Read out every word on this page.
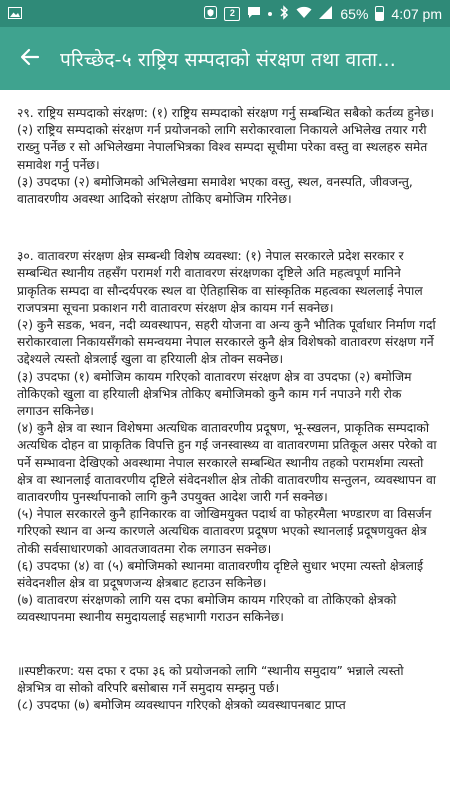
2	65% 4:07 pm
परिच्छेद-५ राष्ट्रिय सम्पदाको संरक्षण तथा वाता...

२९. राष्ट्रिय सम्पदाको संरक्षण: (१) राष्ट्रिय सम्पदाको संरक्षण गर्नु सम्बन्धित सबैको कर्तव्य हुनेछ।

(२) राष्ट्रिय सम्पदाको संरक्षण गर्न प्रयोजनको लागि सरोकारवाला निकायले अभिलेख तयार गरी राख्नु पर्नेछ र सो अभिलेखमा नेपालभित्रका विश्व सम्पदा सूचीमा परेका वस्तु वा स्थलहरु समेत समावेश गर्नु पर्नेछ।

(३) उपदफा (२) बमोजिमको अभिलेखमा समावेश भएका वस्तु, स्थल, वनस्पति, जीवजन्तु, वातावरणीय अवस्था आदिको संरक्षण तोकिए बमोजिम गरिनेछ।

३०. वातावरण संरक्षण क्षेत्र सम्बन्धी विशेष व्यवस्था: (१) नेपाल सरकारले प्रदेश सरकार र सम्बन्धित स्थानीय तहसँग परामर्श गरी वातावरण संरक्षणका दृष्टिले अति महत्वपूर्ण मानिने प्राकृतिक सम्पदा वा सौन्दर्यपरक स्थल वा ऐतिहासिक वा सांस्कृतिक महत्वका स्थललाई नेपाल राजपत्रमा सूचना प्रकाशन गरी वातावरण संरक्षण क्षेत्र कायम गर्न सक्नेछ।

(२) कुनै सडक, भवन, नदी व्यवस्थापन, सहरी योजना वा अन्य कुनै भौतिक पूर्वाधार निर्माण गर्दा सरोकारवाला निकायसँगको समन्वयमा नेपाल सरकारले कुनै क्षेत्र विशेषको वातावरण संरक्षण गर्ने उद्देश्यले त्यस्तो क्षेत्रलाई खुला वा हरियाली क्षेत्र तोक्न सक्नेछ।

(३) उपदफा (१) बमोजिम कायम गरिएको वातावरण संरक्षण क्षेत्र वा उपदफा (२) बमोजिम तोकिएको खुला वा हरियाली क्षेत्रभित्र तोकिए बमोजिमको कुनै काम गर्न नपाउने गरी रोक लगाउन सकिनेछ।

(४) कुनै क्षेत्र वा स्थान विशेषमा अत्यधिक वातावरणीय प्रदूषण, भू-स्खलन, प्राकृतिक सम्पदाको अत्यधिक दोहन वा प्राकृतिक विपत्ति हुन गई जनस्वास्थ्य वा वातावरणमा प्रतिकूल असर परेको वा पर्ने सम्भावना देखिएको अवस्थामा नेपाल सरकारले सम्बन्धित स्थानीय तहको परामर्शमा त्यस्तो क्षेत्र वा स्थानलाई वातावरणीय दृष्टिले संवेदनशील क्षेत्र तोकी वातावरणीय सन्तुलन, व्यवस्थापन वा वातावरणीय पुनर्स्थापनाको लागि कुनै उपयुक्त आदेश जारी गर्न सक्नेछ।

(५) नेपाल सरकारले कुनै हानिकारक वा जोखिमयुक्त पदार्थ वा फोहरमैला भण्डारण वा विसर्जन गरिएको स्थान वा अन्य कारणले अत्यधिक वातावरण प्रदूषण भएको स्थानलाई प्रदूषणयुक्त क्षेत्र तोकी सर्वसाधारणको आवतजावतमा रोक लगाउन सक्नेछ।

(६) उपदफा (४) वा (५) बमोजिमको स्थानमा वातावरणीय दृष्टिले सुधार भएमा त्यस्तो क्षेत्रलाई संवेदनशील क्षेत्र वा प्रदूषणजन्य क्षेत्रबाट हटाउन सकिनेछ।

(७) वातावरण संरक्षणको लागि यस दफा बमोजिम कायम गरिएको वा तोकिएको क्षेत्रको व्यवस्थापनमा स्थानीय समुदायलाई सहभागी गराउन सकिनेछ।

॥स्पष्टीकरण: यस दफा र दफा ३६ को प्रयोजनको लागि “स्थानीय समुदाय” भन्नाले त्यस्तो क्षेत्रभित्र वा सोको वरिपरि बसोबास गर्ने समुदाय सम्झनु पर्छ।

(८) उपदफा (७) बमोजिम व्यवस्थापन गरिएको क्षेत्रको व्यवस्थापनबाट प्राप्त
